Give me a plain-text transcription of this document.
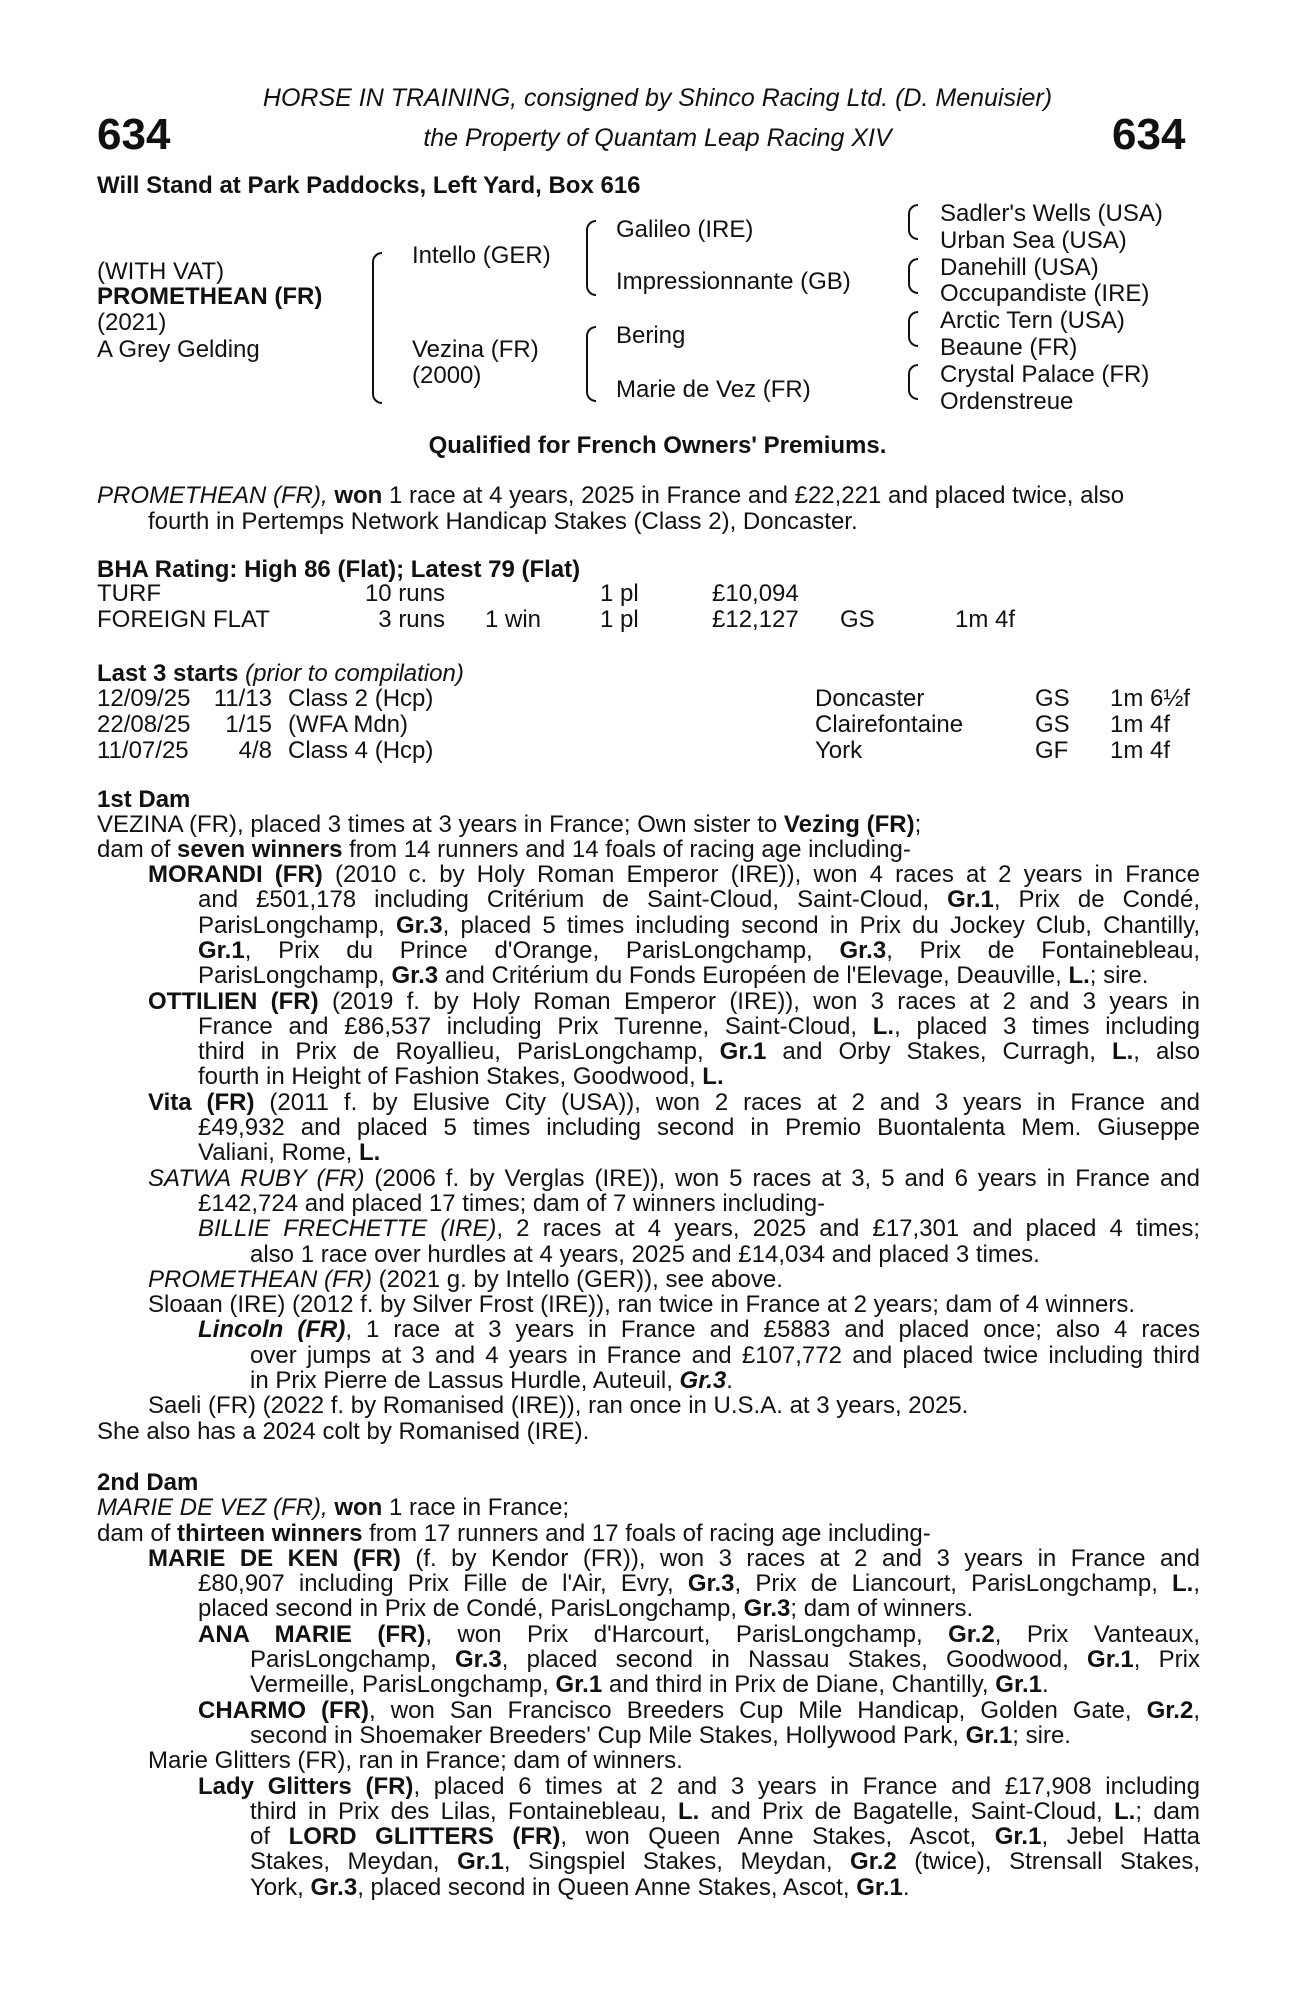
634	634
HORSE IN TRAINING, consigned by Shinco Racing Ltd. (D. Menuisier)
the Property of Quantam Leap Racing XIV
Will Stand at Park Paddocks, Left Yard, Box 616
(WITH VAT)
PROMETHEAN (FR)
(2021)
A Grey Gelding
Intello (GER)
Vezina (FR)
(2000)
Galileo (IRE)
Impressionnante (GB)
Bering
Marie de Vez (FR)
Sadler's Wells (USA)
Urban Sea (USA)
Danehill (USA)
Occupandiste (IRE)
Arctic Tern (USA)
Beaune (FR)
Crystal Palace (FR)
Ordenstreue
Qualified for French Owners' Premiums.
PROMETHEAN (FR), won 1 race at 4 years, 2025 in France and £22,221 and placed twice, also
fourth in Pertemps Network Handicap Stakes (Class 2), Doncaster.
BHA Rating: High 86 (Flat); Latest 79 (Flat)
Last 3 starts (prior to compilation)
1st Dam
VEZINA (FR), placed 3 times at 3 years in France; Own sister to Vezing (FR);
dam of seven winners from 14 runners and 14 foals of racing age including-
TURF	10 runs	1 pl	£10,094
FOREIGN FLAT	3 runs 1 win 1 pl	£12,127 GS	1m 4f
12/09/25 11/13 Class 2 (Hcp)	Doncaster	GS 1m 6½f
22/08/25	1/15 (WFA Mdn)	Clairefontaine	GS 1m 4f
11/07/25	4/8 Class 4 (Hcp)	York	GF 1m 4f
MORANDI (FR) (2010 c. by Holy Roman Emperor (IRE)), won 4 races at 2 years in France
and £501,178 including Critérium de Saint-Cloud, Saint-Cloud, Gr.1, Prix de Condé,
ParisLongchamp, Gr.3, placed 5 times including second in Prix du Jockey Club, Chantilly,
Gr.1, Prix du Prince d'Orange, ParisLongchamp, Gr.3, Prix de Fontainebleau,
ParisLongchamp, Gr.3 and Critérium du Fonds Européen de l'Elevage, Deauville, L.; sire.
OTTILIEN (FR) (2019 f. by Holy Roman Emperor (IRE)), won 3 races at 2 and 3 years in
France and £86,537 including Prix Turenne, Saint-Cloud, L., placed 3 times including
third in Prix de Royallieu, ParisLongchamp, Gr.1 and Orby Stakes, Curragh, L., also
fourth in Height of Fashion Stakes, Goodwood, L.
Vita (FR) (2011 f. by Elusive City (USA)), won 2 races at 2 and 3 years in France and
£49,932 and placed 5 times including second in Premio Buontalenta Mem. Giuseppe
Valiani, Rome, L.
SATWA RUBY (FR) (2006 f. by Verglas (IRE)), won 5 races at 3, 5 and 6 years in France and
£142,724 and placed 17 times; dam of 7 winners including-
BILLIE FRECHETTE (IRE), 2 races at 4 years, 2025 and £17,301 and placed 4 times;
also 1 race over hurdles at 4 years, 2025 and £14,034 and placed 3 times.
PROMETHEAN (FR) (2021 g. by Intello (GER)), see above.
Sloaan (IRE) (2012 f. by Silver Frost (IRE)), ran twice in France at 2 years; dam of 4 winners.
Lincoln (FR), 1 race at 3 years in France and £5883 and placed once; also 4 races
over jumps at 3 and 4 years in France and £107,772 and placed twice including third
in Prix Pierre de Lassus Hurdle, Auteuil, Gr.3.
Saeli (FR) (2022 f. by Romanised (IRE)), ran once in U.S.A. at 3 years, 2025.
She also has a 2024 colt by Romanised (IRE).
2nd Dam
MARIE DE VEZ (FR), won 1 race in France;
dam of thirteen winners from 17 runners and 17 foals of racing age including-
MARIE DE KEN (FR) (f. by Kendor (FR)), won 3 races at 2 and 3 years in France and
£80,907 including Prix Fille de l'Air, Evry, Gr.3, Prix de Liancourt, ParisLongchamp, L.,
placed second in Prix de Condé, ParisLongchamp, Gr.3; dam of winners.
ANA MARIE (FR), won Prix d'Harcourt, ParisLongchamp, Gr.2, Prix Vanteaux,
ParisLongchamp, Gr.3, placed second in Nassau Stakes, Goodwood, Gr.1, Prix
Vermeille, ParisLongchamp, Gr.1 and third in Prix de Diane, Chantilly, Gr.1.
CHARMO (FR), won San Francisco Breeders Cup Mile Handicap, Golden Gate, Gr.2,
second in Shoemaker Breeders' Cup Mile Stakes, Hollywood Park, Gr.1; sire.
Marie Glitters (FR), ran in France; dam of winners.
Lady Glitters (FR), placed 6 times at 2 and 3 years in France and £17,908 including
third in Prix des Lilas, Fontainebleau, L. and Prix de Bagatelle, Saint-Cloud, L.; dam
of LORD GLITTERS (FR), won Queen Anne Stakes, Ascot, Gr.1, Jebel Hatta
Stakes, Meydan, Gr.1, Singspiel Stakes, Meydan, Gr.2 (twice), Strensall Stakes,
York, Gr.3, placed second in Queen Anne Stakes, Ascot, Gr.1.
